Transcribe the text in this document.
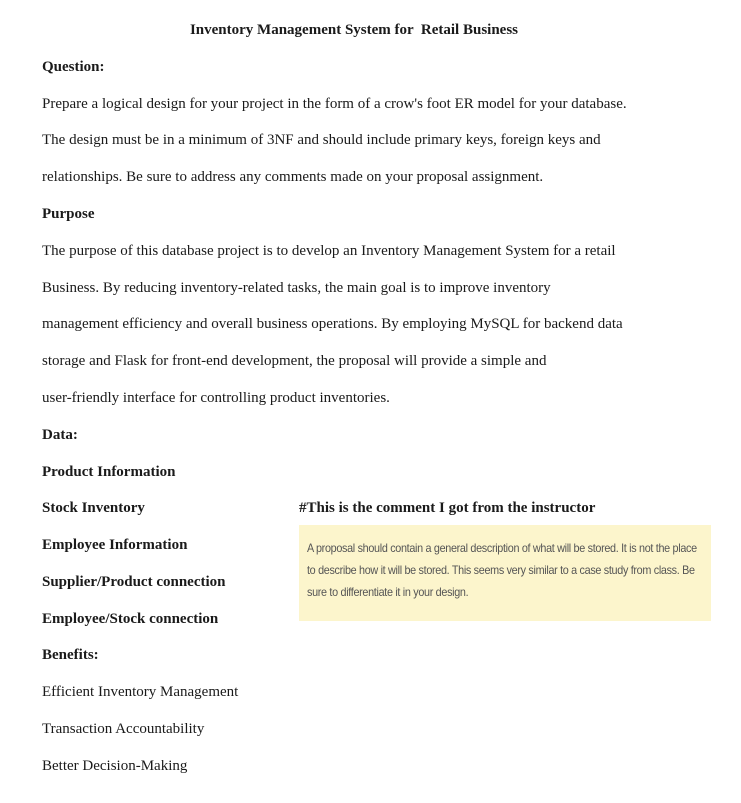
Inventory Management System for  Retail Business
Question:
Prepare a logical design for your project in the form of a crow's foot ER model for your database.
The design must be in a minimum of 3NF and should include primary keys, foreign keys and
relationships. Be sure to address any comments made on your proposal assignment.
Purpose
The purpose of this database project is to develop an Inventory Management System for a retail
Business. By reducing inventory-related tasks, the main goal is to improve inventory
management efficiency and overall business operations. By employing MySQL for backend data
storage and Flask for front-end development, the proposal will provide a simple and
user-friendly interface for controlling product inventories.
Data:
Product Information
Stock Inventory
Employee Information
Supplier/Product connection
Employee/Stock connection
Benefits:
Efficient Inventory Management
Transaction Accountability
Better Decision-Making
#This is the comment I got from the instructor
A proposal should contain a general description of what will be stored. It is not the place to describe how it will be stored. This seems very similar to a case study from class. Be sure to differentiate it in your design.
